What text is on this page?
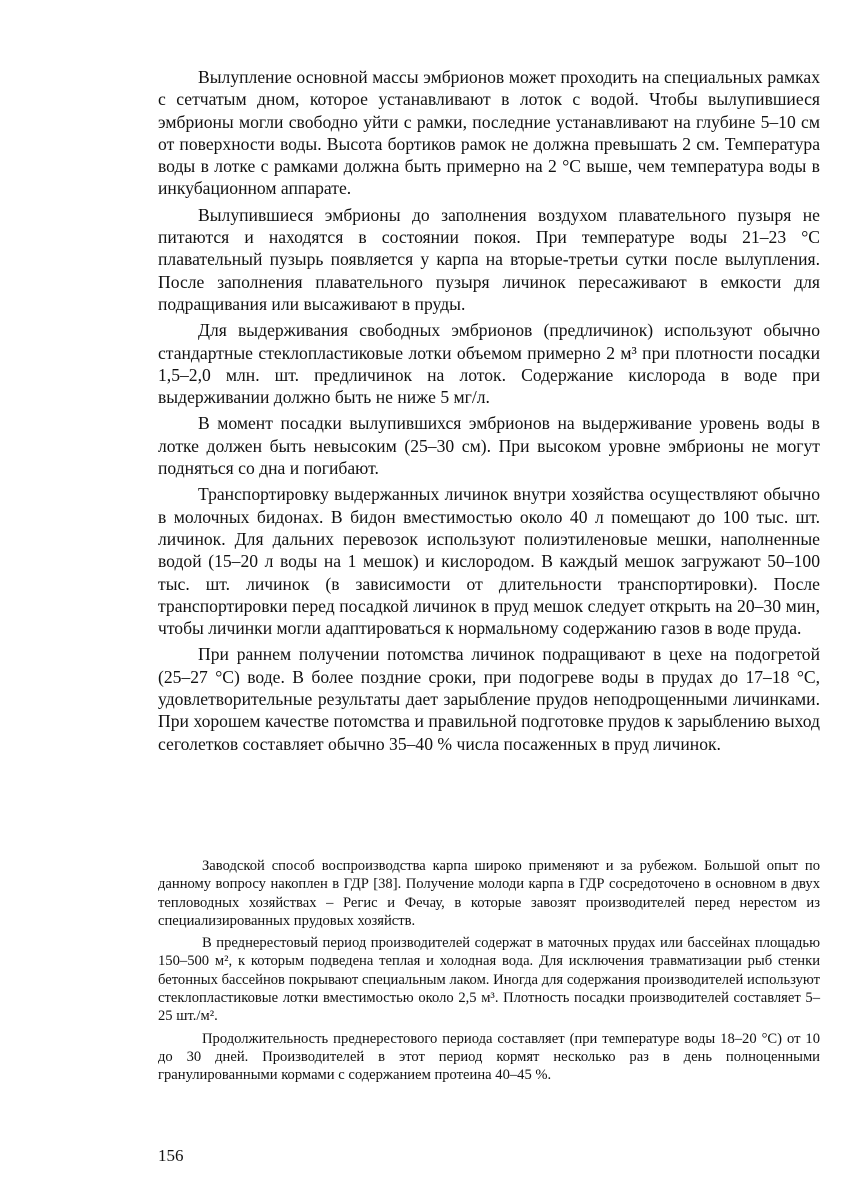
Вылупление основной массы эмбрионов может проходить на специальных рамках с сетчатым дном, которое устанавливают в лоток с водой. Чтобы вылупившиеся эмбрионы могли свободно уйти с рамки, последние устанавливают на глубине 5–10 см от поверхности воды. Высота бортиков рамок не должна превышать 2 см. Температура воды в лотке с рамками должна быть примерно на 2 °С выше, чем температура воды в инкубационном аппарате.

Вылупившиеся эмбрионы до заполнения воздухом плавательного пузыря не питаются и находятся в состоянии покоя. При температуре воды 21–23 °С плавательный пузырь появляется у карпа на вторые-третьи сутки после вылупления. После заполнения плавательного пузыря личинок пересаживают в емкости для подращивания или высаживают в пруды.

Для выдерживания свободных эмбрионов (предличинок) используют обычно стандартные стеклопластиковые лотки объемом примерно 2 м³ при плотности посадки 1,5–2,0 млн. шт. предличинок на лоток. Содержание кислорода в воде при выдерживании должно быть не ниже 5 мг/л.

В момент посадки вылупившихся эмбрионов на выдерживание уровень воды в лотке должен быть невысоким (25–30 см). При высоком уровне эмбрионы не могут подняться со дна и погибают.

Транспортировку выдержанных личинок внутри хозяйства осуществляют обычно в молочных бидонах. В бидон вместимостью около 40 л помещают до 100 тыс. шт. личинок. Для дальних перевозок используют полиэтиленовые мешки, наполненные водой (15–20 л воды на 1 мешок) и кислородом. В каждый мешок загружают 50–100 тыс. шт. личинок (в зависимости от длительности транспортировки). После транспортировки перед посадкой личинок в пруд мешок следует открыть на 20–30 мин, чтобы личинки могли адаптироваться к нормальному содержанию газов в воде пруда.

При раннем получении потомства личинок подращивают в цехе на подогретой (25–27 °С) воде. В более поздние сроки, при подогреве воды в прудах до 17–18 °С, удовлетворительные результаты дает зарыбление прудов неподрощенными личинками. При хорошем качестве потомства и правильной подготовке прудов к зарыблению выход сеголетков составляет обычно 35–40 % числа посаженных в пруд личинок.

Заводской способ воспроизводства карпа широко применяют и за рубежом. Большой опыт по данному вопросу накоплен в ГДР [38]. Получение молоди карпа в ГДР сосредоточено в основном в двух тепловодных хозяйствах – Регис и Фечау, в которые завозят производителей перед нерестом из специализированных прудовых хозяйств.

В преднерестовый период производителей содержат в маточных прудах или бассейнах площадью 150–500 м², к которым подведена теплая и холодная вода. Для исключения травматизации рыб стенки бетонных бассейнов покрывают специальным лаком. Иногда для содержания производителей используют стеклопластиковые лотки вместимостью около 2,5 м³. Плотность посадки производителей составляет 5–25 шт./м².

Продолжительность преднерестового периода составляет (при температуре воды 18–20 °С) от 10 до 30 дней. Производителей в этот период кормят несколько раз в день полноценными гранулированными кормами с содержанием протеина 40–45 %.

156
